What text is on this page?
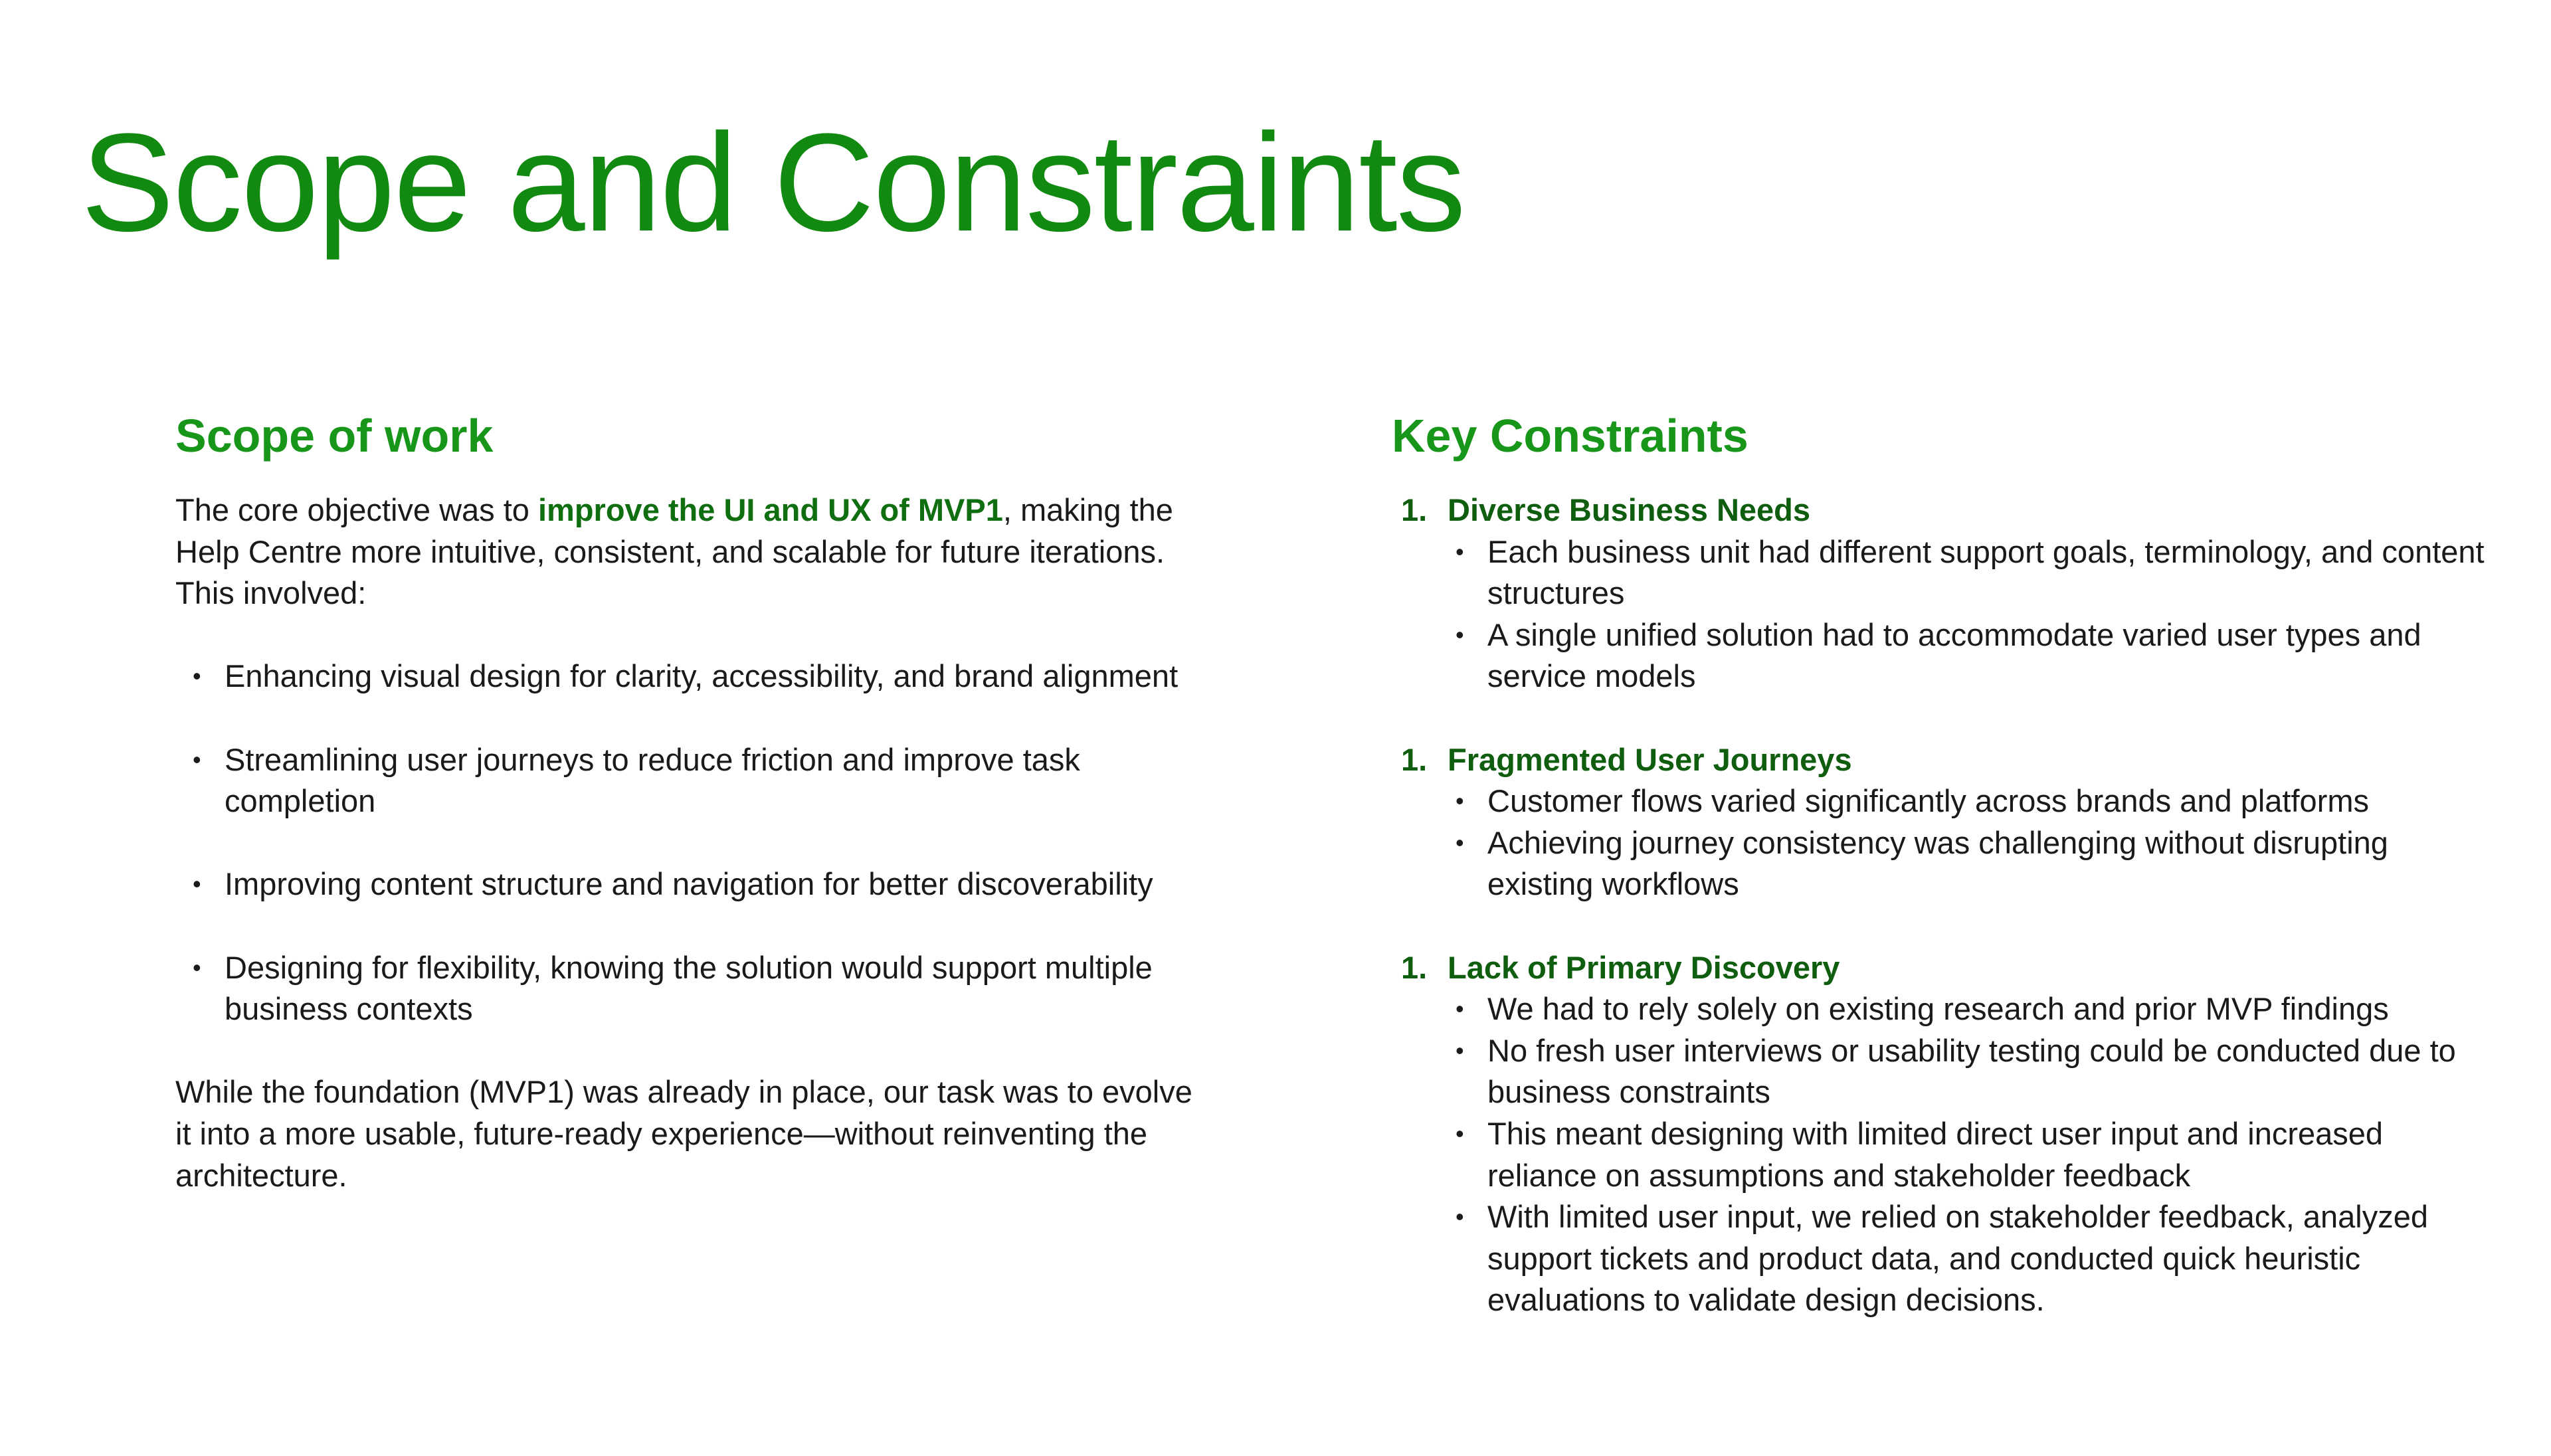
Scope and Constraints
Scope of work

The core objective was to improve the UI and UX of MVP1, making the Help Centre more intuitive, consistent, and scalable for future iterations. This involved:

• Enhancing visual design for clarity, accessibility, and brand alignment
• Streamlining user journeys to reduce friction and improve task completion
• Improving content structure and navigation for better discoverability
• Designing for flexibility, knowing the solution would support multiple business contexts

While the foundation (MVP1) was already in place, our task was to evolve it into a more usable, future-ready experience—without reinventing the architecture.

Key Constraints
1. Diverse Business Needs
• Each business unit had different support goals, terminology, and content structures
• A single unified solution had to accommodate varied user types and service models
1. Fragmented User Journeys
• Customer flows varied significantly across brands and platforms
• Achieving journey consistency was challenging without disrupting existing workflows
1. Lack of Primary Discovery
• We had to rely solely on existing research and prior MVP findings
• No fresh user interviews or usability testing could be conducted due to business constraints
• This meant designing with limited direct user input and increased reliance on assumptions and stakeholder feedback
• With limited user input, we relied on stakeholder feedback, analyzed support tickets and product data, and conducted quick heuristic evaluations to validate design decisions.
